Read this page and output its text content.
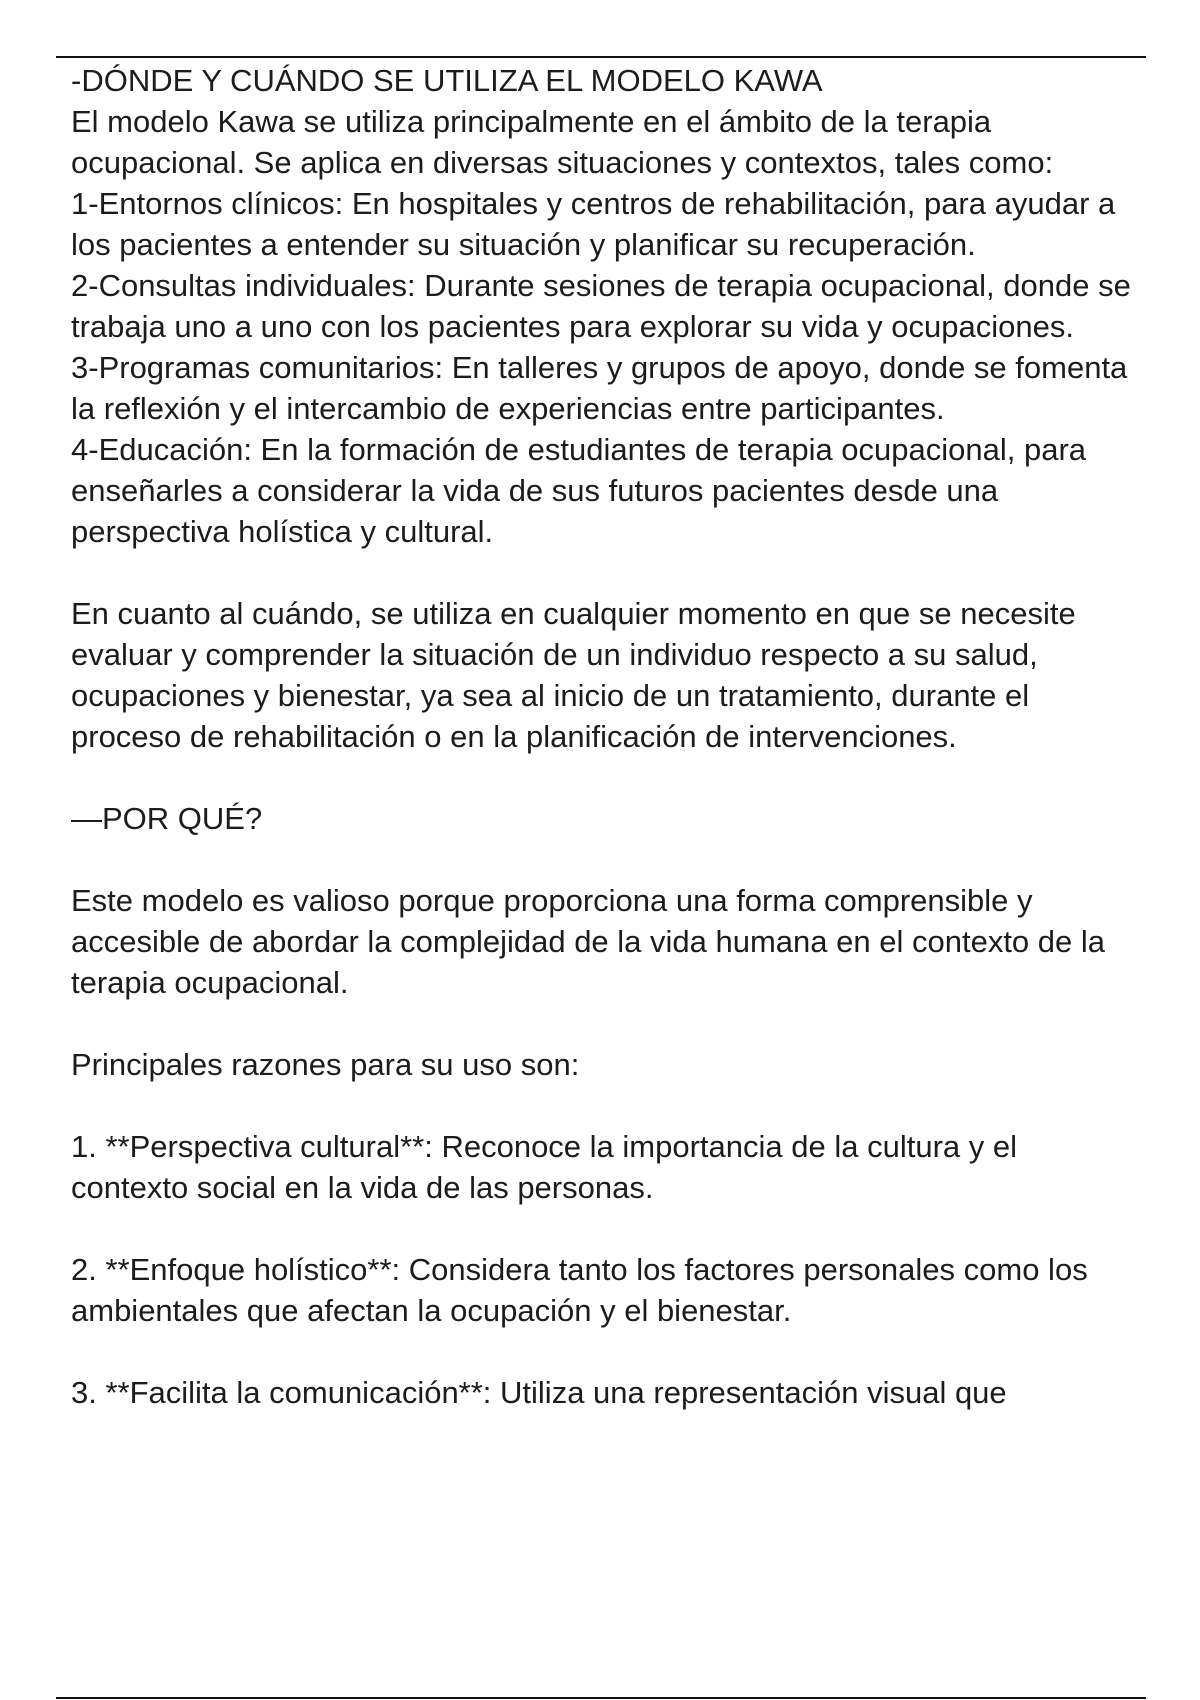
-DÓNDE Y CUÁNDO SE UTILIZA EL MODELO KAWA

El modelo Kawa se utiliza principalmente en el ámbito de la terapia ocupacional. Se aplica en diversas situaciones y contextos, tales como:

1-Entornos clínicos: En hospitales y centros de rehabilitación, para ayudar a los pacientes a entender su situación y planificar su recuperación.

2-Consultas individuales: Durante sesiones de terapia ocupacional, donde se trabaja uno a uno con los pacientes para explorar su vida y ocupaciones.

3-Programas comunitarios: En talleres y grupos de apoyo, donde se fomenta la reflexión y el intercambio de experiencias entre participantes.

4-Educación: En la formación de estudiantes de terapia ocupacional, para enseñarles a considerar la vida de sus futuros pacientes desde una perspectiva holística y cultural.

En cuanto al cuándo, se utiliza en cualquier momento en que se necesite evaluar y comprender la situación de un individuo respecto a su salud, ocupaciones y bienestar, ya sea al inicio de un tratamiento, durante el proceso de rehabilitación o en la planificación de intervenciones.

—POR QUÉ?

Este modelo es valioso porque proporciona una forma comprensible y accesible de abordar la complejidad de la vida humana en el contexto de la terapia ocupacional.

Principales razones para su uso son:

1. **Perspectiva cultural**: Reconoce la importancia de la cultura y el contexto social en la vida de las personas.

2. **Enfoque holístico**: Considera tanto los factores personales como los ambientales que afectan la ocupación y el bienestar.

3. **Facilita la comunicación**: Utiliza una representación visual que
